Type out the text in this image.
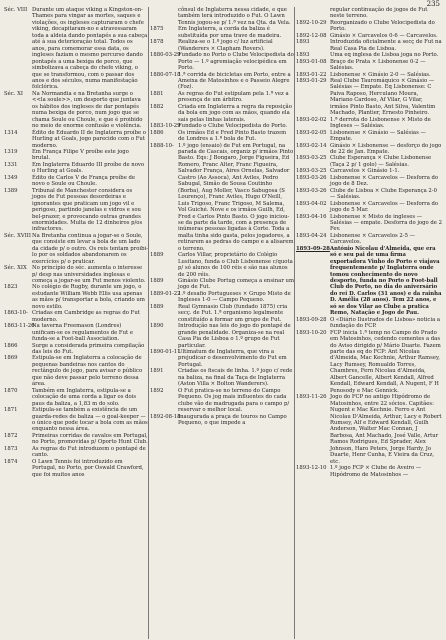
235
Séc. VIII Durante um ataque viking a Kingston-on-Thames para vingar as mortes, saques e violações, os ingleses capturaram o chefe viking, decapitaram-no e atravessaram toda a aldeia dando pontapés a sua cabeça até à sua deterioração total. Todos os anos, para comemorar essa data, os ingleses faziam o mesmo percurso dando pontapés a uma bexiga de porco, que simbolizava a cabeça do chefe viking, o que se transformou, com o passar dos anos e dos séculos, numa manifestação folclórica.
Séc. XI	Na Normandia e na Bretanha surge o <<la soule>>, um desporto que juntava os hábitos dos ingleses de dar pontapés numa bexiga de porco, num jogo que se chama Soule ou Choule, e que é proibido no meio de enorme confusão e violência.
1314	Édito de Eduardo II de Inglaterra proíbe o Hurling at Goals, jogo parecido com o Fut moderno.
1319	Em França Filipe V proíbe este jogo brutal.
1331	Em Inglaterra Eduardo III proíbe de novo o Hurling at Goals.
1349	Édito de Carlos V de França proíbe de novo o Soule ou Choule.
1389	Tribunal de Manchester considera os jogos de Fut pessoas desordeiras e ignorantes que praticam um jogo vil e perigoso, partindo janelas e vidros e sou bel-prazer, e provocando outras grandes enormidades. Multa de 12 dinheiros p/os infractores.
Séc. XVIII Na Bretanha continua a jogar-se o Soule, que consiste em levar a bola de um lado da cidade p/ o outro. Os reis tentam proibi-lo por os soldados abandonarem os exercícios p/ o praticar.
Séc. XIX No princípio do séc. aumenta o interesse p/ desp nas universidades inglesas e começa a jogar-se um Fut menos violento.
1823	No colégio de Rugby, durante um jogo, o estudante William Webb Ellis usa apenas as mãos p/ transportar a bola, criando um novo estilo.
1863-10- Criadas em Cambridge as regras do Fut moderno.
1863-11-26
Na taverna Freemason (Londres) unificam-se os regulamentos de Fut e funda-se a Foot-ball Association.
1866	Surge a considerada primeira compilação das leis do Fut.
1869	Estipula-se em Inglaterra a colocação de pequenas bandeiras nos cantos do rectângulo de jogo, para avisar o público que não deve passar pelo terreno dessa área.
1870	Também em Inglaterra, estipula-se a colocação de uma corda a ligar os dois paus da baliza, a 1,83 m do solo.
1871	Estipula-se também a existência de um guarda-redes de baliza — o goal-keeper — o único que pode tocar a bola com as mãos enquanto nessa área.
1872	Primeiras corridas de cavalos em Portugal, no Porto, promovidas p/ Oporto Hunt Club.
1873	As regras do Fut introduzem o pontapé de canto.
1874	O Lawn Tennis foi introduzido em Portugal, no Porto, por Oswald Crawford, que foi muitos anos
cônsul de Inglaterra nessa cidade, e que também terá introduzido o Fut. O Lawn Tennis jogou-se p/ 1.ª vez na Qta. da Vela.
1875	Em Inglaterra, a corda da baliza é substituída por uma trave de madeira.
1878	Realiza-se o 1.º jogo c/ luz artificial (Wanderers × Clapham Rovers).
1880-03-29
Fundado no Porto o Clube Velocipedista do Porto — 1.º agremiação velocipédica em Porto.
1880-07-18
1.ª corrida de bicicletas em Porto, entre a Ameixa de Matosinhos e o Passeio Alegre (Foz).
1881	As regras do Fut estipulam pela 1.ª vez a presença de um árbitro.
1882	Criada em Inglaterra a regra da reposição da bola em jogo com as mãos, quando ela sais pelas linhas laterais.
1883-10-29
Fundado o Clube Velocipedista do Porto.
1886	Os irmãos Ed e Fred Pinto Basto trazem de Londres a 1.ª bola de Fut.
1888-10- 1.º jogo (ensaio) de Fut em Portugal, na parada de Cascais, organiz p/ irmãos Pinto Basto. Eqs: J Bongaro, Jorge Figueira, Ed Romero, Franc Alter, Franc Figueira, Salvador França, Aires Ornelas, Salvador Castro (Ao Assoca), Ant Aviles, Pedro Sabugal, Simão de Sousa Coutinho (Borba), Aug Moller, Vasco Sabugosa (S Lourenço), Franc Aviles, Hugo O'Neill, Luis Trigoso, Franc Trigoso, M Salema, Vol Guiché. Nove e os irmãos Guilh, Ed, Fred e Carlos Pinto Basto. O jogo iniciou-se da parte da tarde, com a presença de inúmeras pessoas ligadas à Corte. Toda a malta tinha sido gasta, pelos jogadores, a retirarem as pedras do campo e a alisarem o terreno.
1889	Carlos Villar, proprietário do Colégio Lusitano, funda o Club Lisbonense c/quota p/ só alunos de 100 réis e são nas alunos de 200 réis.
1889	Ginásio Clube Portug começa a ensinar um jogo de Fut.
1889-01-22
1.º desafio Portugueses × Grupo Misto de Ingleses 1-0 — Campo Pequeno.
1889	Real Gymnasio Club (fundado 1875) cria secç. de Fut. 1.ª organismo legalmente constituído a formar um grupo de Fut.
1890	Introdução nas leis do jogo do pontapé de grande penalidade. Organiza-se na real Casa Pia de Lisboa o 1.º grupo de Fut particular.
1890-01-11
Ultimatum de Inglaterra, que vira a prejudicar o desenvolvimento do Fut em Portugal.
1891	Criadas os fiscais de linha. 1.º jogo c/ rede na baliza, na final da Taça de Inglaterra (Aston Villa × Bolton Wanderers).
1892	O Fut pratica-se no terreno do Campo Pequeno. Os jog mais influentes do cada clube vão de madrugada para o campo p/ reservar o melhor local.
1892-08-18
Inaugurada a praça de touros no Campo Pequeno, o que impede a
regular continuação de jogos de Fut neste terreno.
1892-10-29 Reorganizado o Clube Velocipedista do Porto.
1892-12-08 Ginásio × Carcavelos 0-6 — Carcavelos.
1893	Introduzida oficialmente a secç de Fut na Real Casa Pia de Lisboa.
1893	Uma eq inglesa de Lisboa joga no Porto.
1893-01-08 Braço de Prata × Lisbonense 0-2 — Salésias.
1893-01-22 Lisbonense × Ginásio 2-0 — Salésias.
1893-01-29 Real Clube Tauromáquico × Ginásio — Salésias — Empate. Eq Lisbonense: C Paiva Raposo, Herculano Moura, Mariano Cardoso, Af Vilar, G Vilar, irmãos Pinto Basto, Ant Silva, Valentim Machado, Plantier, Ernesto Pinheiro.
1893-02-02 1.ª derrota do Lisbonense × Misto de Ingleses — Salésias.
1893-02-05 Lisbonense × Ginásio — Salésias — Empate.
1893-02-14 Ginásio × Lisbonense — desforço do jogo de 22 de Jan. Empate.
1893-03-25 Clube Esperança × Clube Lisbonense (Taça 2 p/ 1 golo) — Salésias.
1893-03-25 Carcavelos × Ginásio 1-1.
1893-03-26 Lisbonense × Carcavelos — Desforra do jogo de 8 Dez.
1893-03-26 Clube de Lisboa × Clube Esperança 2-0 — Salésias.
1893-04-02 Lisbonense × Carcavelos — Desforra do jogo de 5 Mar.
1893-04-16 Lisbonense × Misto de ingleses — Salésias — empate. Desforra do jogo de 2 Fev.
1893-04-24 Lisbonense × Carcavelos 2-5 — Carcavelos.
1893-09-28 António Nicolau d'Almeida, que era só e seu pai de uma firma exportadora Vinho do Porto e viajava frequentemente p/ Inglaterra onde tomou conhecimento do novo desporto, funda no Porto o Foot-ball Club do Porto, no dia do aniversário do rei D. Carlos (31 anos) e da rainha D. Amélia (28 anos). Tem 22 anos, e só se dos Vilar ao Clube a pratica Remo, Natação e Jogo de Pau.
1893-09-28 O «Diário Ilustrados de Lisboa» noticia a fundação do FCP.
1893-10-20 FCP inicia 1.ª temp no Campo do Prado em Matosinhos, cedendo comentes a das do Aviso dirigido p/ Mário Duarte. Fazem parte das eq do FCP: Ant Nicolau d'Almeida, Mac Kechnie, Arthur Ramsey, Lacy Rumsey, Romualdo Torres, Chambres, Fern Nicolau d'Almeida, Albert Gancelle, Albert Kendall, Alfred Kendall, Edward Kendall, A Nugent, F H Penosody e Mac Gennick.
1893-11-26 Jogo do FCP no antigo Hipódromo de Matosinhos, entre 22 sócios. Capitães: Nugent e Mac Kechnie. Ferro e Ant Nicolau D'Almeida, Arthur, Lacy e Robert Rumsey, Alf e Edward Kendall, Guilh Anderson, Walter Mac Connan, J Barbosa, Ant Machado, José Valle, Artur Ramos Rodrigues, Ed Sprader, Alex Johnson, Haro Peters, Jorge Hardy, Jo Duarte, Henr Cunha, E Vieira da Cruz, etc.
1893-12-10 1.º jogo FCP × Clube de Aveiro — Hipódromo de Matosinhos —
